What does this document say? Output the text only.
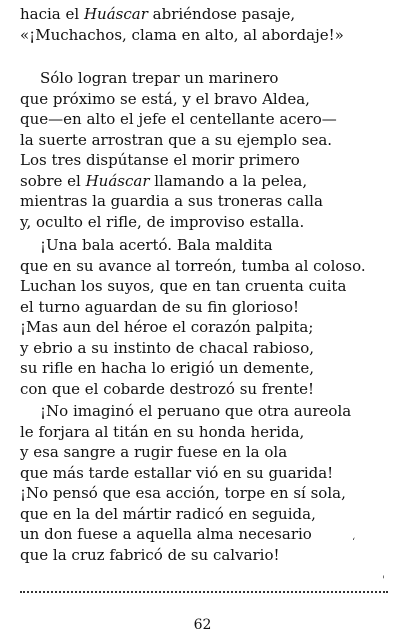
hacia el Huáscar abriéndose pasaje,
«¡Muchachos, clama en alto, al abordaje!»
Sólo logran trepar un marinero
que próximo se está, y el bravo Aldea,
que—en alto el jefe el centellante acero—
la suerte arrostran que a su ejemplo sea.
Los tres dispútanse el morir primero
sobre el Huáscar llamando a la pelea,
mientras la guardia a sus troneras calla
y, oculto el rifle, de improviso estalla.
¡Una bala acertó. Bala maldita
que en su avance al torreón, tumba al coloso.
Luchan los suyos, que en tan cruenta cuita
el turno aguardan de su fin glorioso!
¡Mas aun del héroe el corazón palpita;
y ebrio a su instinto de chacal rabioso,
su rifle en hacha lo erigió un demente,
con que el cobarde destrozó su frente!
¡No imaginó el peruano que otra aureola
le forjara al titán en su honda herida,
y esa sangre a rugir fuese en la ola
que más tarde estallar vió en su guarida!
¡No pensó que esa acción, torpe en sí sola,
que en la del mártir radicó en seguida,
un don fuese a aquella alma necesario
que la cruz fabricó de su calvario!
‘
'
62
